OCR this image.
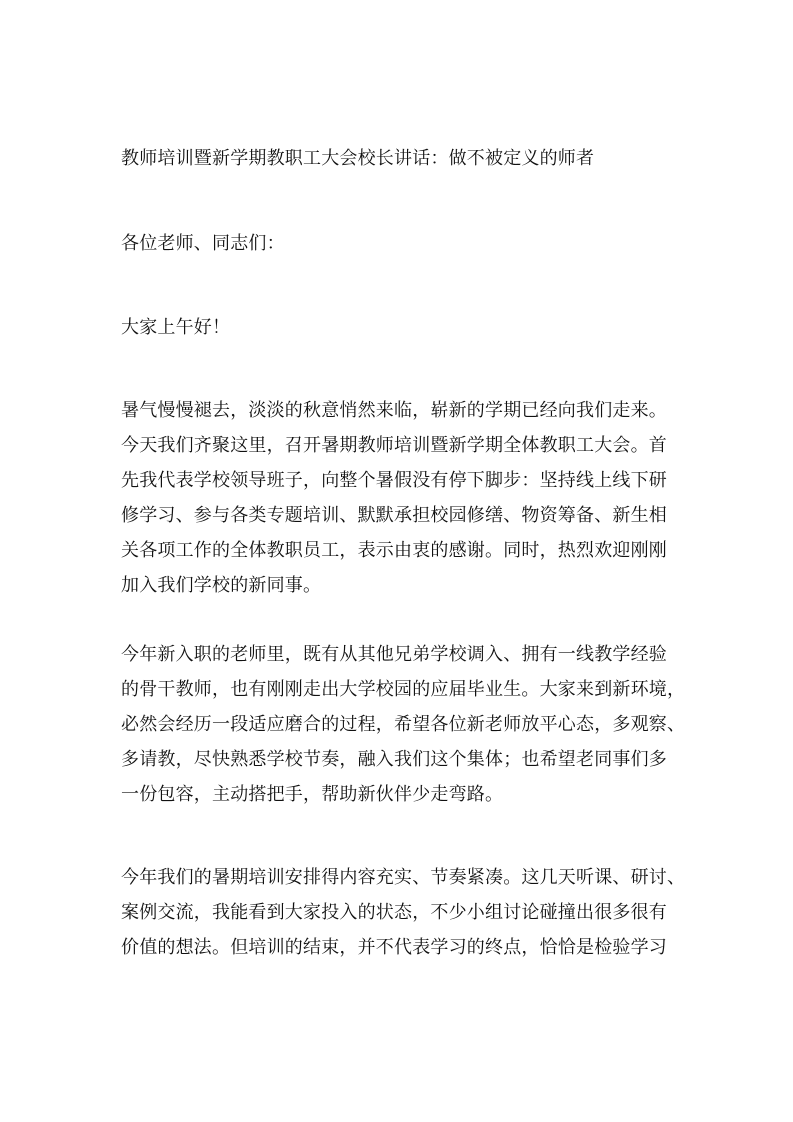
教师培训暨新学期教职工大会校长讲话：做不被定义的师者
各位老师、同志们：
大家上午好！
暑气慢慢褪去，淡淡的秋意悄然来临，崭新的学期已经向我们走来。
今天我们齐聚这里，召开暑期教师培训暨新学期全体教职工大会。首
先我代表学校领导班子，向整个暑假没有停下脚步：坚持线上线下研
修学习、参与各类专题培训、默默承担校园修缮、物资筹备、新生相
关各项工作的全体教职员工，表示由衷的感谢。同时，热烈欢迎刚刚
加入我们学校的新同事。
今年新入职的老师里，既有从其他兄弟学校调入、拥有一线教学经验
的骨干教师，也有刚刚走出大学校园的应届毕业生。大家来到新环境，
必然会经历一段适应磨合的过程，希望各位新老师放平心态，多观察、
多请教，尽快熟悉学校节奏，融入我们这个集体；也希望老同事们多
一份包容，主动搭把手，帮助新伙伴少走弯路。
今年我们的暑期培训安排得内容充实、节奏紧凑。这几天听课、研讨、
案例交流，我能看到大家投入的状态，不少小组讨论碰撞出很多很有
价值的想法。但培训的结束，并不代表学习的终点，恰恰是检验学习
